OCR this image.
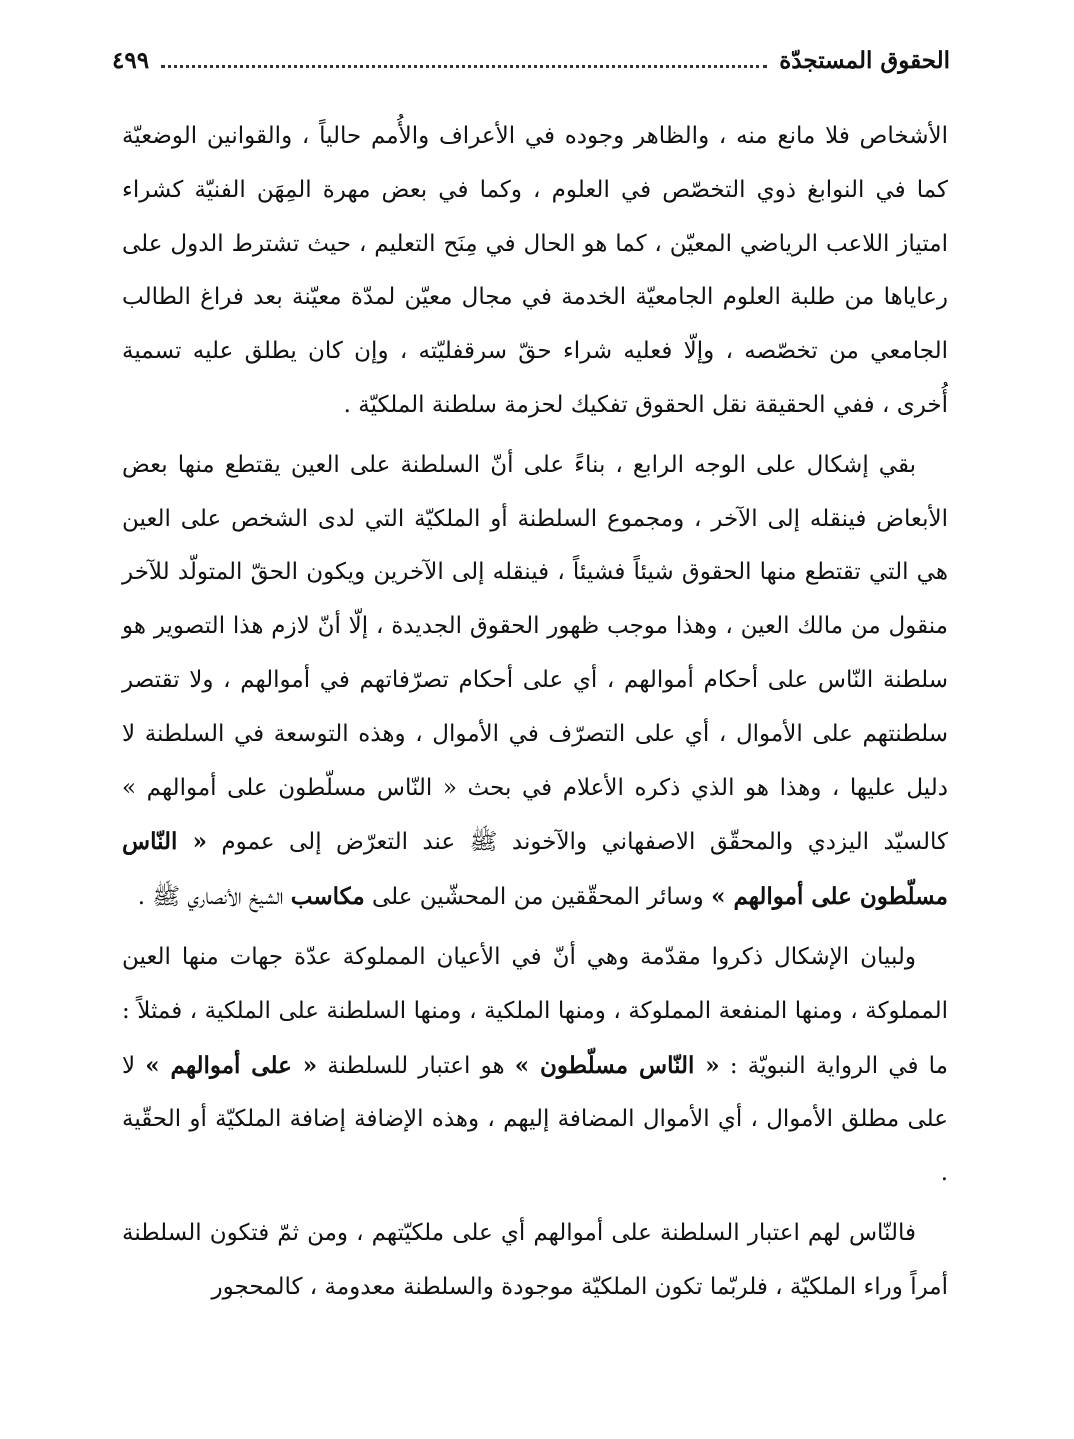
الحقوق المستجدّة
٤٩٩

الأشخاص فلا مانع منه ، والظاهر وجوده في الأعراف والأُمم حالياً ، والقوانين الوضعيّة كما في النوابغ ذوي التخصّص في العلوم ، وكما في بعض مهرة المِهَن الفنيّة كشراء امتياز اللاعب الرياضي المعيّن ، كما هو الحال في مِنَح التعليم ، حيث تشترط الدول على رعاياها من طلبة العلوم الجامعيّة الخدمة في مجال معيّن لمدّة معيّنة بعد فراغ الطالب الجامعي من تخصّصه ، وإلّا فعليه شراء حقّ سرقفليّته ، وإن كان يطلق عليه تسمية أُخرى ، ففي الحقيقة نقل الحقوق تفكيك لحزمة سلطنة الملكيّة .

بقي إشكال على الوجه الرابع ، بناءً على أنّ السلطنة على العين يقتطع منها بعض الأبعاض فينقله إلى الآخر ، ومجموع السلطنة أو الملكيّة التي لدى الشخص على العين هي التي تقتطع منها الحقوق شيئاً فشيئاً ، فينقله إلى الآخرين ويكون الحقّ المتولّد للآخر منقول من مالك العين ، وهذا موجب ظهور الحقوق الجديدة ، إلّا أنّ لازم هذا التصوير هو سلطنة النّاس على أحكام أموالهم ، أي على أحكام تصرّفاتهم في أموالهم ، ولا تقتصر سلطنتهم على الأموال ، أي على التصرّف في الأموال ، وهذه التوسعة في السلطنة لا دليل عليها ، وهذا هو الذي ذكره الأعلام في بحث « النّاس مسلّطون على أموالهم » كالسيّد اليزدي والمحقّق الاصفهاني والآخوند ﷺ عند التعرّض إلى عموم « النّاس مسلّطون على أموالهم » وسائر المحقّقين من المحشّين على مكاسب الشيخ الأنصاري ﷺ .

ولبيان الإشكال ذكروا مقدّمة وهي أنّ في الأعيان المملوكة عدّة جهات منها العين المملوكة ، ومنها المنفعة المملوكة ، ومنها الملكية ، ومنها السلطنة على الملكية ، فمثلاً : ما في الرواية النبويّة : « النّاس مسلّطون » هو اعتبار للسلطنة « على أموالهم » لا على مطلق الأموال ، أي الأموال المضافة إليهم ، وهذه الإضافة إضافة الملكيّة أو الحقّية .

فالنّاس لهم اعتبار السلطنة على أموالهم أي على ملكيّتهم ، ومن ثمّ فتكون السلطنة أمراً وراء الملكيّة ، فلربّما تكون الملكيّة موجودة والسلطنة معدومة ، كالمحجور
